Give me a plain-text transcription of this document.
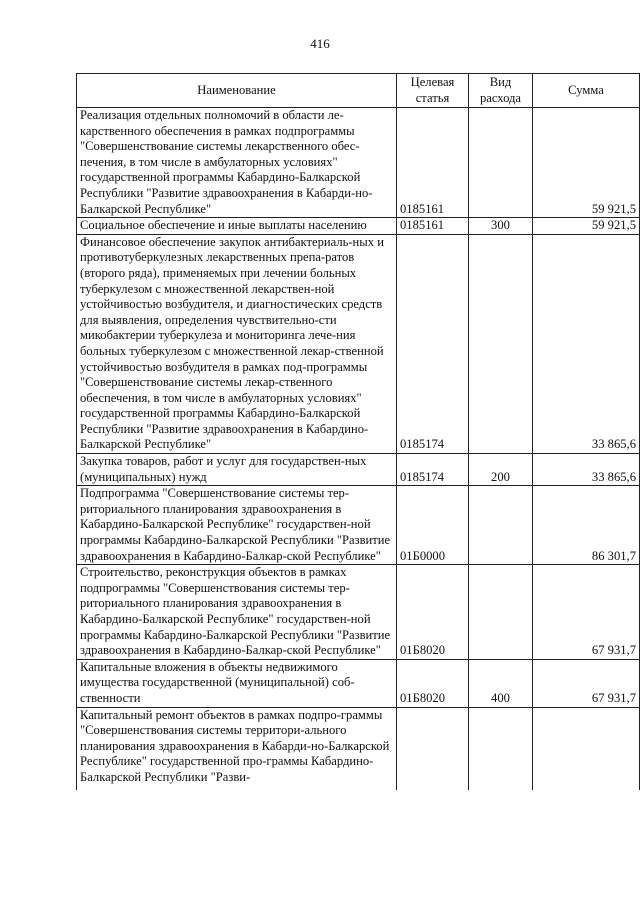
416
Наименование	Целевая статья	Вид расхода	Сумма
Реализация отдельных полномочий в области ле-карственного обеспечения в рамках подпрограммы "Совершенствование системы лекарственного обес-печения, в том числе в амбулаторных условиях" государственной программы Кабардино-Балкарской Республики "Развитие здравоохранения в Кабарди-но-Балкарской Республике"	0185161		59 921,5
Социальное обеспечение и иные выплаты населению	0185161	300	59 921,5
Финансовое обеспечение закупок антибактериаль-ных и противотуберкулезных лекарственных препа-ратов (второго ряда), применяемых при лечении больных туберкулезом с множественной лекарствен-ной устойчивостью возбудителя, и диагностических средств для выявления, определения чувствительно-сти микобактерии туберкулеза и мониторинга лече-ния больных туберкулезом с множественной лекар-ственной устойчивостью возбудителя в рамках под-программы "Совершенствование системы лекар-ственного обеспечения, в том числе в амбулаторных условиях" государственной программы Кабардино-Балкарской Республики "Развитие здравоохранения в Кабардино-Балкарской Республике"	0185174		33 865,6
Закупка товаров, работ и услуг для государствен-ных (муниципальных) нужд	0185174	200	33 865,6
Подпрограмма "Совершенствование системы тер-риториального планирования здравоохранения в Кабардино-Балкарской Республике" государствен-ной программы Кабардино-Балкарской Республики "Развитие здравоохранения в Кабардино-Балкар-ской Республике"	01Б0000		86 301,7
Строительство, реконструкция объектов в рамках подпрограммы "Совершенствования системы тер-риториального планирования здравоохранения в Кабардино-Балкарской Республике" государствен-ной программы Кабардино-Балкарской Республики "Развитие здравоохранения в Кабардино-Балкар-ской Республике"	01Б8020		67 931,7
Капитальные вложения в объекты недвижимого имущества государственной (муниципальной) соб-ственности	01Б8020	400	67 931,7
Капитальный ремонт объектов в рамках подпро-граммы "Совершенствования системы территори-ального планирования здравоохранения в Кабарди-но-Балкарской Республике" государственной про-граммы Кабардино-Балкарской Республики "Разви-			
